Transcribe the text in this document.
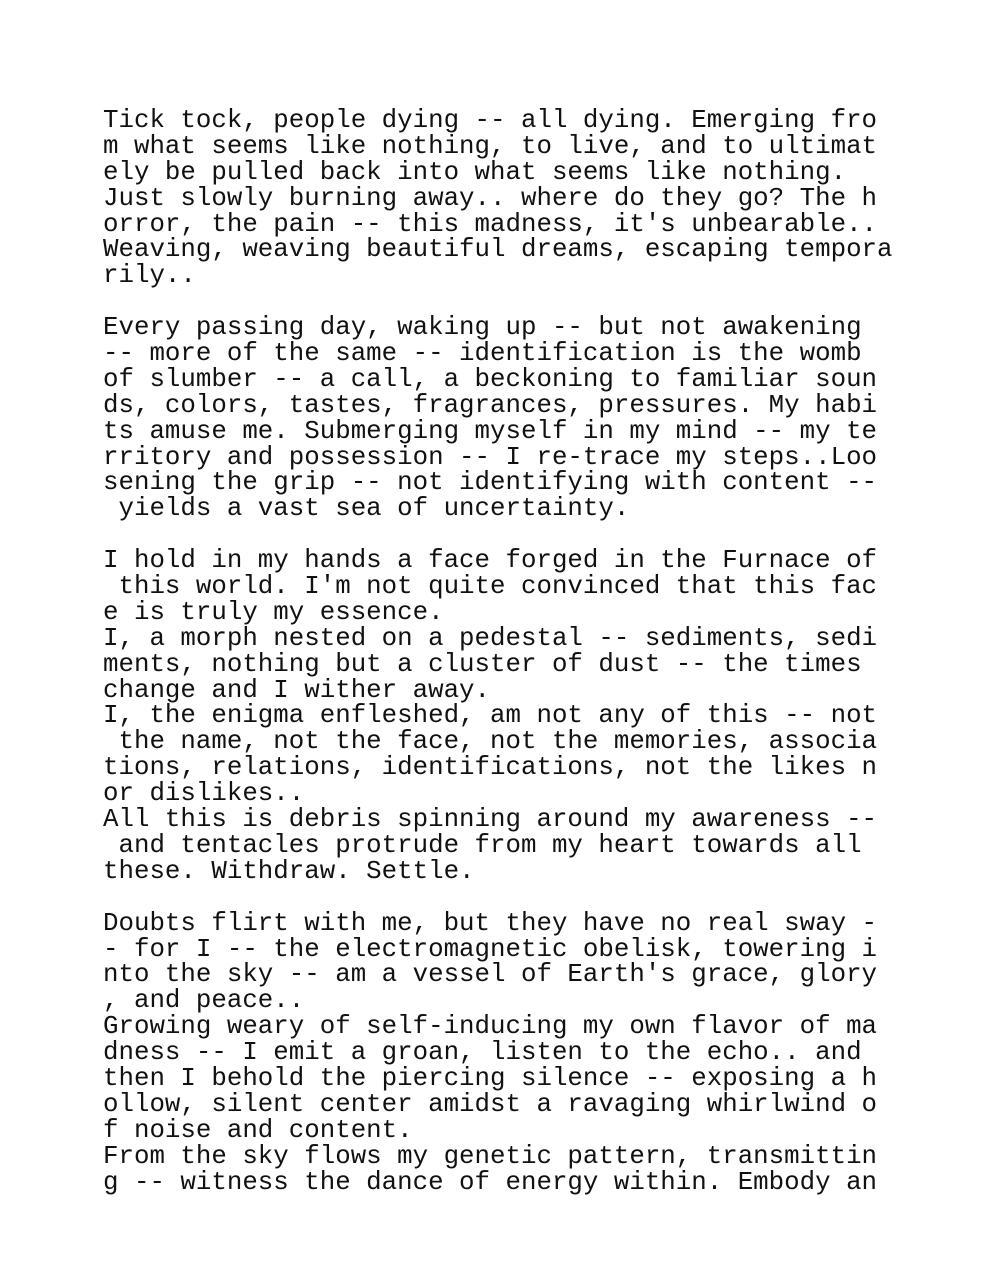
Tick tock, people dying -- all dying. Emerging fro
m what seems like nothing, to live, and to ultimat
ely be pulled back into what seems like nothing.
Just slowly burning away.. where do they go? The h
orror, the pain -- this madness, it's unbearable..
Weaving, weaving beautiful dreams, escaping tempora
rily..
Every passing day, waking up -- but not awakening
-- more of the same -- identification is the womb
of slumber -- a call, a beckoning to familiar soun
ds, colors, tastes, fragrances, pressures. My habi
ts amuse me. Submerging myself in my mind -- my te
rritory and possession -- I re-trace my steps..Loo
sening the grip -- not identifying with content --
yields a vast sea of uncertainty.
I hold in my hands a face forged in the Furnace of
this world. I'm not quite convinced that this fac
e is truly my essence.
I, a morph nested on a pedestal -- sediments, sedi
ments, nothing but a cluster of dust -- the times
change and I wither away.
I, the enigma enfleshed, am not any of this -- not
the name, not the face, not the memories, associa
tions, relations, identifications, not the likes n
or dislikes..
All this is debris spinning around my awareness --
and tentacles protrude from my heart towards all
these. Withdraw. Settle.
Doubts flirt with me, but they have no real sway -
- for I -- the electromagnetic obelisk, towering i
nto the sky -- am a vessel of Earth's grace, glory
, and peace..
Growing weary of self-inducing my own flavor of ma
dness -- I emit a groan, listen to the echo.. and
then I behold the piercing silence -- exposing a h
ollow, silent center amidst a ravaging whirlwind o
f noise and content.
From the sky flows my genetic pattern, transmittin
g -- witness the dance of energy within. Embody an
